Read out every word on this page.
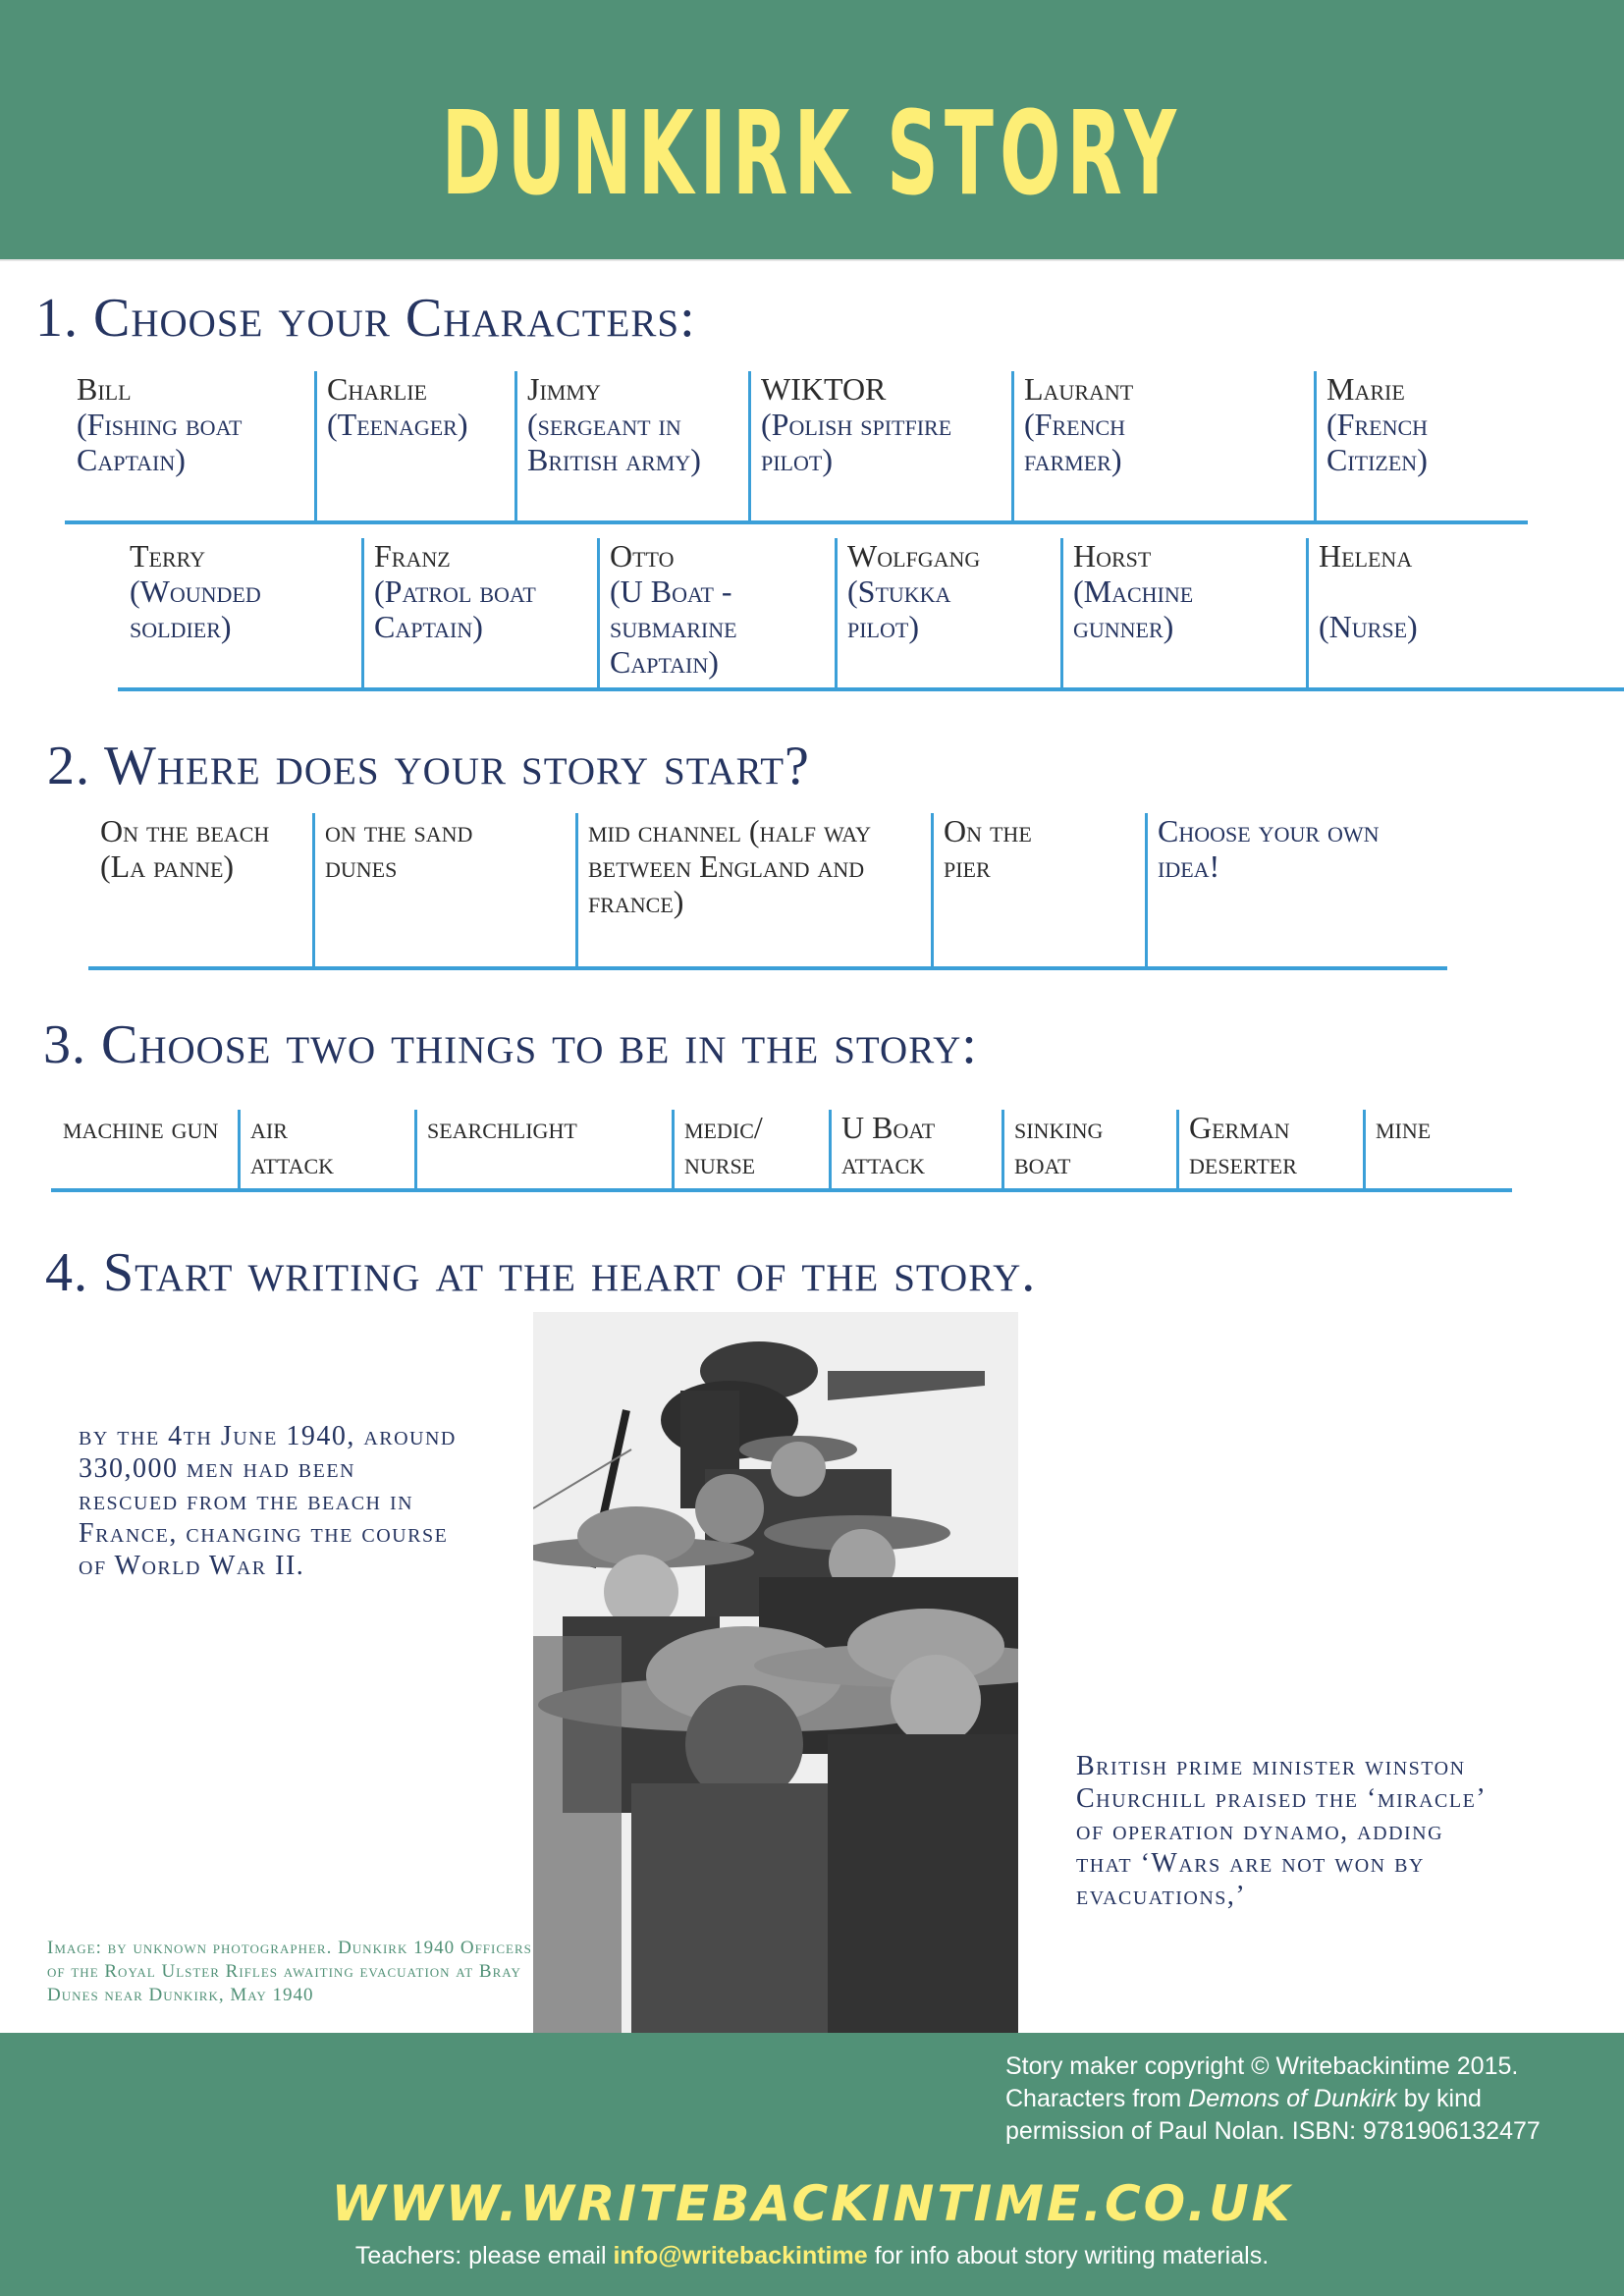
DUNKIRK STORY
1. Choose your Characters:
Bill
(Fishing boat Captain)
Charlie
(Teenager)
Jimmy
(sergeant in British army)
WIKTOR
(Polish spitfire pilot)
Laurant
(French farmer)
Marie
(French Citizen)
Terry
(Wounded soldier)
Franz
(Patrol boat Captain)
Otto
(U Boat - submarine Captain)
Wolfgang
(Stukka pilot)
Horst
(Machine gunner)
Helena
(Nurse)
2. Where does your story start?
On the beach (La panne)
on the sand dunes
mid channel (half way between England and france)
On the pier
Choose your own idea!
3. Choose two things to be in the story:
machine gun air attack
searchlight	medic/ nurse
U Boat attack
sinking boat
German deserter
mine
4. Start writing at the heart of the story.
by the 4th June 1940, around 330,000 men had been rescued from the beach in France, changing the course of World War II.
British prime minister winston Churchill praised the ‘miracle’ of operation dynamo, adding that ‘Wars are not won by evacuations,’
Image: by unknown photographer. Dunkirk 1940 Officers of the Royal Ulster Rifles awaiting evacuation at Bray Dunes near Dunkirk, May 1940
Story maker copyright © Writebackintime 2015.
Characters from Demons of Dunkirk by kind
permission of Paul Nolan. ISBN: 9781906132477
WWW.WRITEBACKINTIME.CO.UK
Teachers: please email info@writebackintime for info about story writing materials.
